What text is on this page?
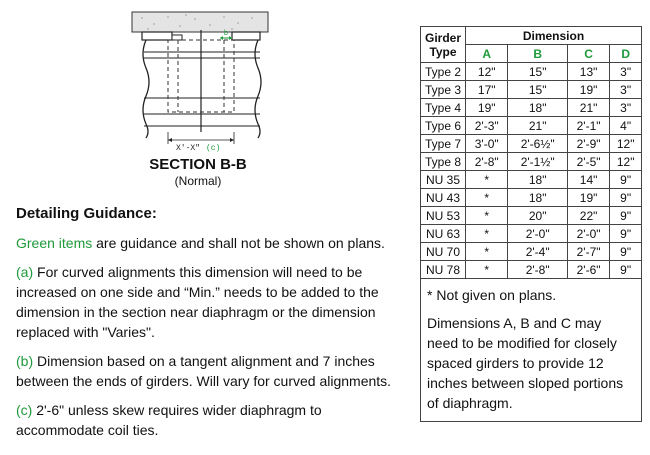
b
X'-X" (c)
SECTION B-B
(Normal)
Detailing Guidance:

Green items are guidance and shall not be shown on plans.

(a) For curved alignments this dimension will need to be increased on one side and “Min.” needs to be added to the dimension in the section near diaphragm or the dimension replaced with "Varies".

(b) Dimension based on a tangent alignment and 7 inches between the ends of girders. Will vary for curved alignments.

(c) 2'-6" unless skew requires wider diaphragm to accommodate coil ties.

Girder Type	Dimension			
	A	B	C	D
Type 2	12"	15"	13"	3"
Type 3	17"	15"	19"	3"
Type 4	19"	18"	21"	3"
Type 6	2'-3"	21"	2'-1"	4"
Type 7	3'-0"	2'-6½"	2'-9"	12"
Type 8	2'-8"	2'-1½"	2'-5"	12"
NU 35	*	18"	14"	9"
NU 43	*	18"	19"	9"
NU 53	*	20"	22"	9"
NU 63	*	2'-0"	2'-0"	9"
NU 70	*	2'-4"	2'-7"	9"
NU 78	*	2'-8"	2'-6"	9"

* Not given on plans.

Dimensions A, B and C may need to be modified for closely spaced girders to provide 12 inches between sloped portions of diaphragm.
